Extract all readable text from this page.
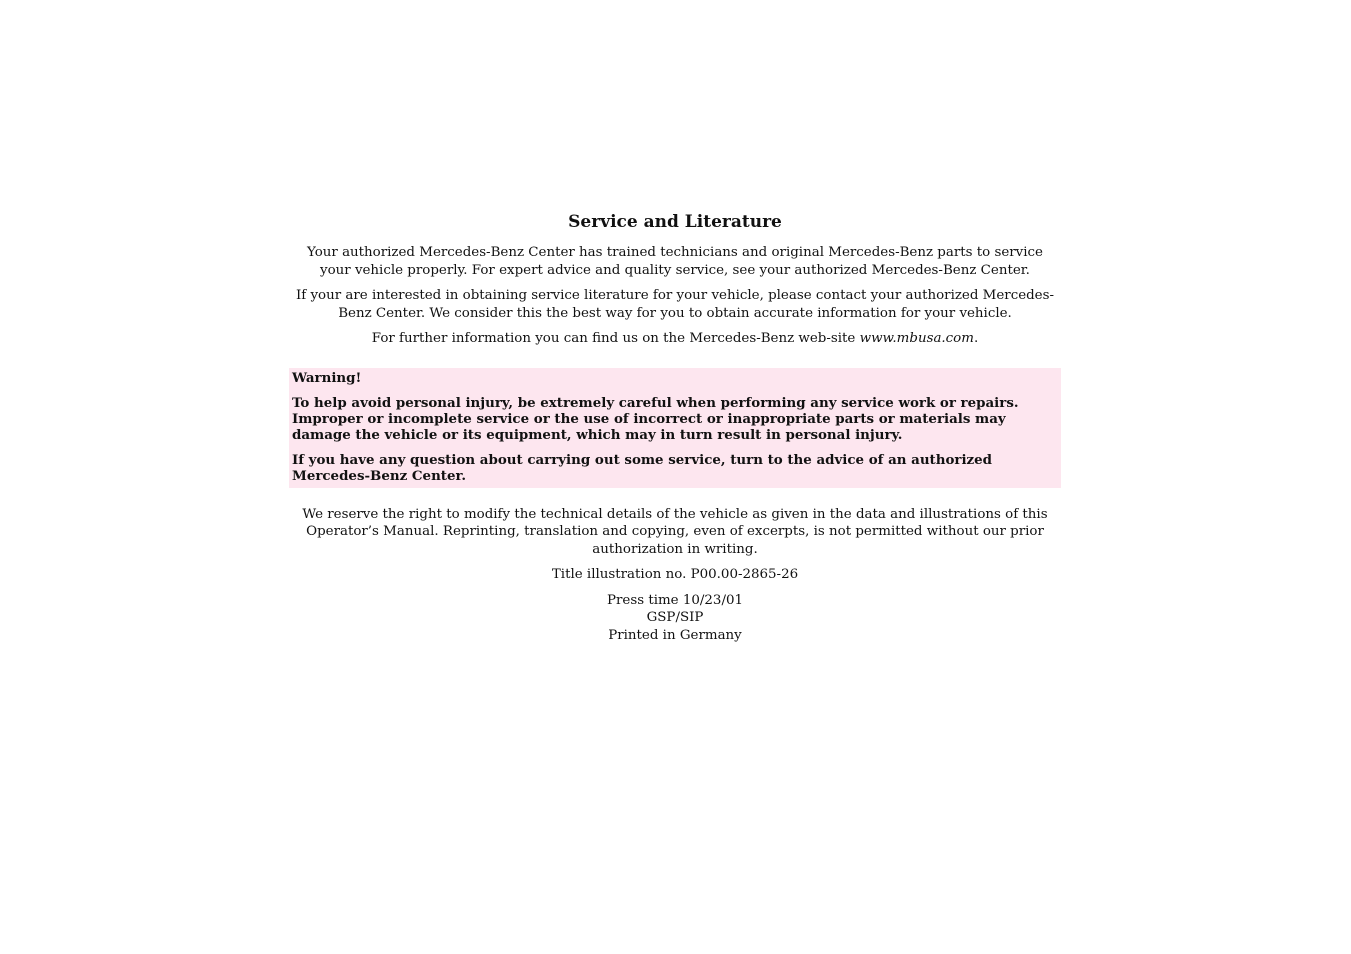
Service and Literature

Your authorized Mercedes-Benz Center has trained technicians and original Mercedes-Benz parts to service your vehicle properly. For expert advice and quality service, see your authorized Mercedes-Benz Center.

If your are interested in obtaining service literature for your vehicle, please contact your authorized Mercedes-Benz Center. We consider this the best way for you to obtain accurate information for your vehicle.

For further information you can find us on the Mercedes-Benz web-site www.mbusa.com.

Warning!

To help avoid personal injury, be extremely careful when performing any service work or repairs. Improper or incomplete service or the use of incorrect or inappropriate parts or materials may damage the vehicle or its equipment, which may in turn result in personal injury.

If you have any question about carrying out some service, turn to the advice of an authorized Mercedes-Benz Center.

We reserve the right to modify the technical details of the vehicle as given in the data and illustrations of this Operator’s Manual. Reprinting, translation and copying, even of excerpts, is not permitted without our prior authorization in writing.

Title illustration no. P00.00-2865-26

Press time 10/23/01
GSP/SIP
Printed in Germany
